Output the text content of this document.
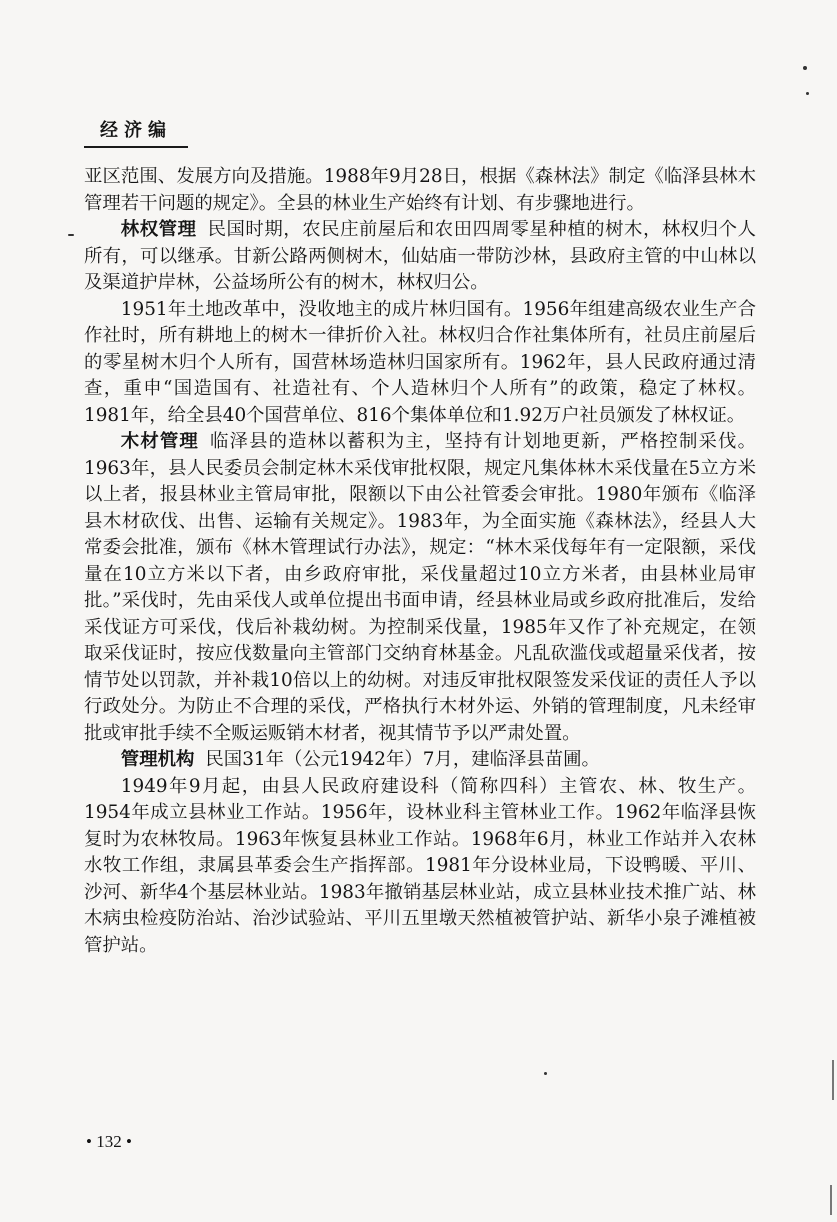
经济编

亚区范围、发展方向及措施。1988年9月28日，根据《森林法》制定《临泽县林木管理若干问题的规定》。全县的林业生产始终有计划、有步骤地进行。

林权管理 民国时期，农民庄前屋后和农田四周零星种植的树木，林权归个人所有，可以继承。甘新公路两侧树木，仙姑庙一带防沙林，县政府主管的中山林以及渠道护岸林，公益场所公有的树木，林权归公。

1951年土地改革中，没收地主的成片林归国有。1956年组建高级农业生产合作社时，所有耕地上的树木一律折价入社。林权归合作社集体所有，社员庄前屋后的零星树木归个人所有，国营林场造林归国家所有。1962年，县人民政府通过清查，重申“国造国有、社造社有、个人造林归个人所有”的政策，稳定了林权。1981年，给全县40个国营单位、816个集体单位和1.92万户社员颁发了林权证。

木材管理 临泽县的造林以蓄积为主，坚持有计划地更新，严格控制采伐。1963年，县人民委员会制定林木采伐审批权限，规定凡集体林木采伐量在5立方米以上者，报县林业主管局审批，限额以下由公社管委会审批。1980年颁布《临泽县木材砍伐、出售、运输有关规定》。1983年，为全面实施《森林法》，经县人大常委会批准，颁布《林木管理试行办法》，规定：“林木采伐每年有一定限额，采伐量在10立方米以下者，由乡政府审批，采伐量超过10立方米者，由县林业局审批。”采伐时，先由采伐人或单位提出书面申请，经县林业局或乡政府批准后，发给采伐证方可采伐，伐后补栽幼树。为控制采伐量，1985年又作了补充规定，在领取采伐证时，按应伐数量向主管部门交纳育林基金。凡乱砍滥伐或超量采伐者，按情节处以罚款，并补栽10倍以上的幼树。对违反审批权限签发采伐证的责任人予以行政处分。为防止不合理的采伐，严格执行木材外运、外销的管理制度，凡未经审批或审批手续不全贩运贩销木材者，视其情节予以严肃处置。

管理机构 民国31年（公元1942年）7月，建临泽县苗圃。

1949年9月起，由县人民政府建设科（简称四科）主管农、林、牧生产。1954年成立县林业工作站。1956年，设林业科主管林业工作。1962年临泽县恢复时为农林牧局。1963年恢复县林业工作站。1968年6月，林业工作站并入农林水牧工作组，隶属县革委会生产指挥部。1981年分设林业局，下设鸭暖、平川、沙河、新华4个基层林业站。1983年撤销基层林业站，成立县林业技术推广站、林木病虫检疫防治站、治沙试验站、平川五里墩天然植被管护站、新华小泉子滩植被管护站。

• 132 •
